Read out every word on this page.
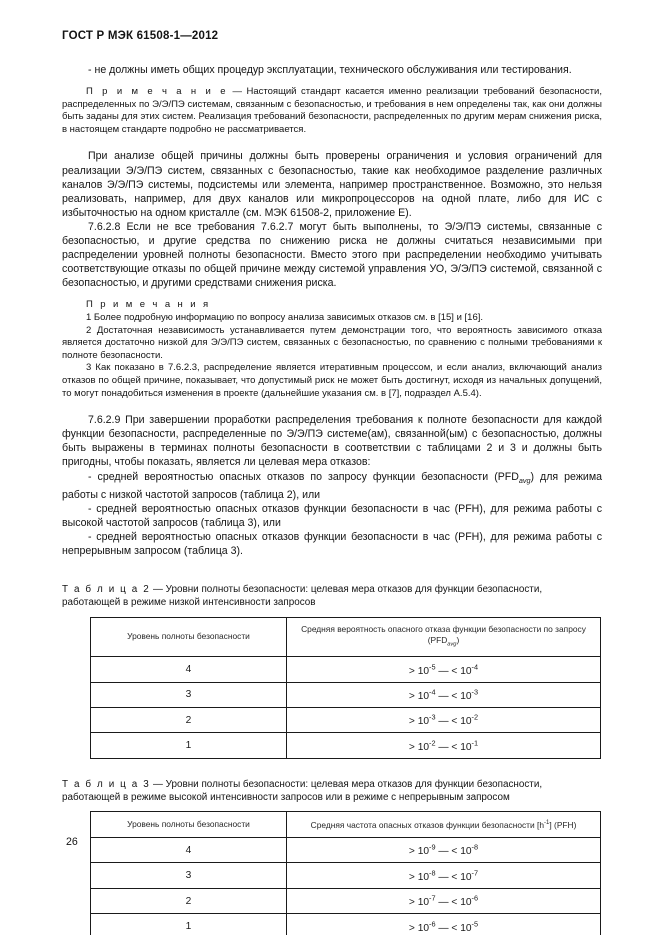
ГОСТ Р МЭК 61508-1—2012

- не должны иметь общих процедур эксплуатации, технического обслуживания или тестирования.

П р и м е ч а н и е — Настоящий стандарт касается именно реализации требований безопасности, распределенных по Э/Э/ПЭ системам, связанным с безопасностью, и требования в нем определены так, как они должны быть заданы для этих систем. Реализация требований безопасности, распределенных по другим мерам снижения риска, в настоящем стандарте подробно не рассматривается.

При анализе общей причины должны быть проверены ограничения и условия ограничений для реализации Э/Э/ПЭ систем, связанных с безопасностью, такие как необходимое разделение различных каналов Э/Э/ПЭ системы, подсистемы или элемента, например пространственное. Возможно, это нельзя реализовать, например, для двух каналов или микропроцессоров на одной плате, либо для ИС с избыточностью на одном кристалле (см. МЭК 61508-2, приложение Е).

7.6.2.8 Если не все требования 7.6.2.7 могут быть выполнены, то Э/Э/ПЭ системы, связанные с безопасностью, и другие средства по снижению риска не должны считаться независимыми при распределении уровней полноты безопасности. Вместо этого при распределении необходимо учитывать соответствующие отказы по общей причине между системой управления УО, Э/Э/ПЭ системой, связанной с безопасностью, и другими средствами снижения риска.

П р и м е ч а н и я

1 Более подробную информацию по вопросу анализа зависимых отказов см. в [15] и [16].

2 Достаточная независимость устанавливается путем демонстрации того, что вероятность зависимого отказа является достаточно низкой для Э/Э/ПЭ систем, связанных с безопасностью, по сравнению с полными требованиями к полноте безопасности.

3 Как показано в 7.6.2.3, распределение является итеративным процессом, и если анализ, включающий анализ отказов по общей причине, показывает, что допустимый риск не может быть достигнут, исходя из начальных допущений, то могут понадобиться изменения в проекте (дальнейшие указания см. в [7], подраздел А.5.4).

7.6.2.9 При завершении проработки распределения требования к полноте безопасности для каждой функции безопасности, распределенные по Э/Э/ПЭ системе(ам), связанной(ым) с безопасностью, должны быть выражены в терминах полноты безопасности в соответствии с таблицами 2 и 3 и должны быть пригодны, чтобы показать, является ли целевая мера отказов:

- средней вероятностью опасных отказов по запросу функции безопасности $(PFD_{avg})$ для режима работы с низкой частотой запросов (таблица 2), или

- средней вероятностью опасных отказов функции безопасности в час (PFH), для режима работы с высокой частотой запросов (таблица 3), или

- средней вероятностью опасных отказов функции безопасности в час (PFH), для режима работы с непрерывным запросом (таблица 3).

Т а б л и ц а 2 — Уровни полноты безопасности: целевая мера отказов для функции безопасности, работающей в режиме низкой интенсивности запросов

Уровень полноты безопасности	Средняя вероятность опасного отказа функции безопасности по запросу
$(PFD_{avg})$
4	> $10^{-5}$ — < $10^{-4}$
3	> $10^{-4}$ — < $10^{-3}$
2	> $10^{-3}$ — < $10^{-2}$
1	> $10^{-2}$ — < $10^{-1}$

Т а б л и ц а 3 — Уровни полноты безопасности: целевая мера отказов для функции безопасности, работающей в режиме высокой интенсивности запросов или в режиме с непрерывным запросом

Уровень полноты безопасности	Средняя частота опасных отказов функции безопасности $[h^{-1}]$ (PFH)
4	> $10^{-9}$ — < $10^{-8}$
3	> $10^{-8}$ — < $10^{-7}$
2	> $10^{-7}$ — < $10^{-6}$
1	> $10^{-6}$ — < $10^{-5}$
26
